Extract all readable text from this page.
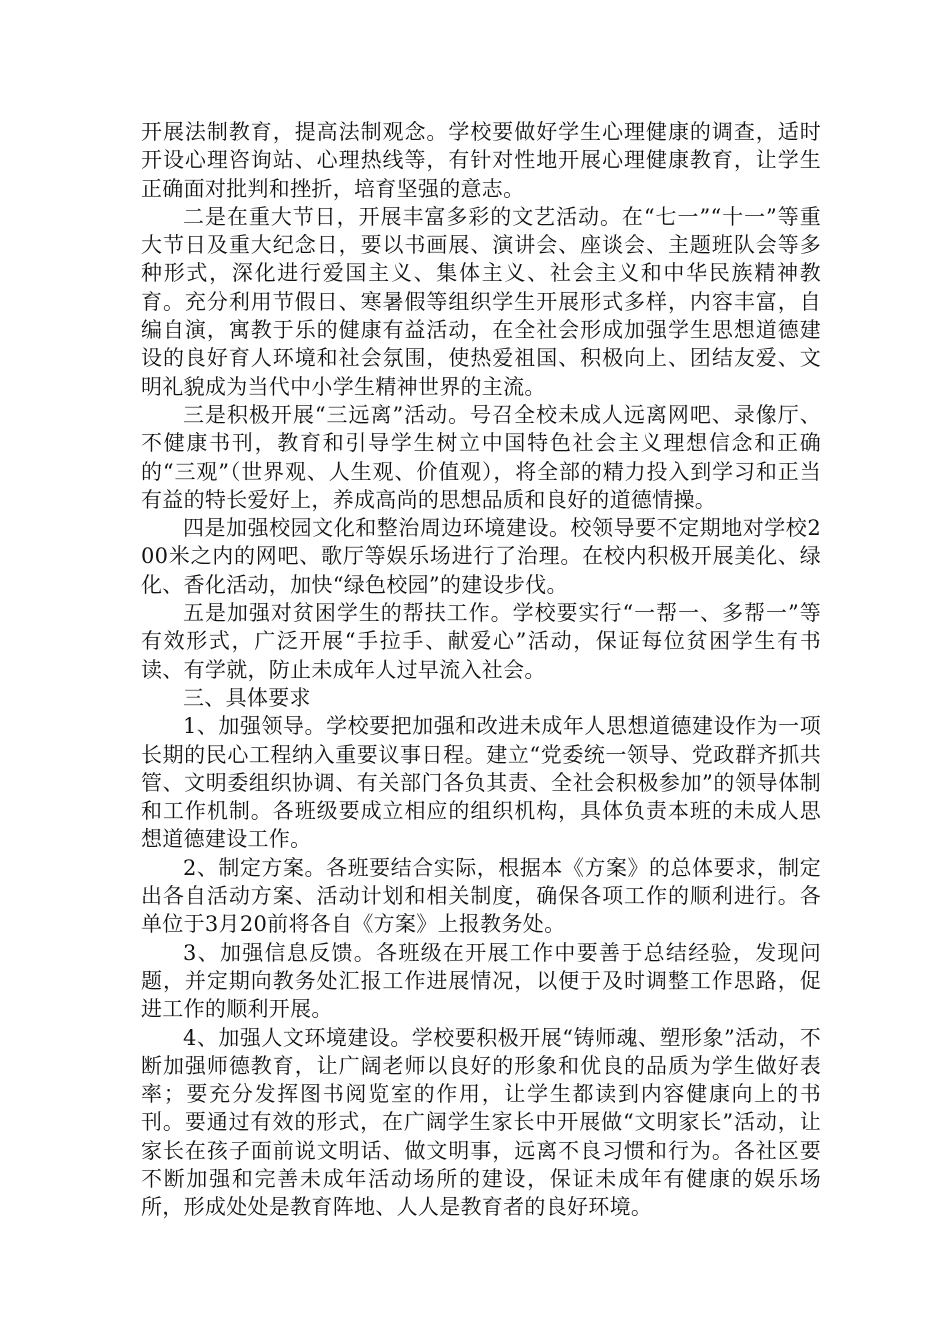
开展法制教育，提高法制观念。学校要做好学生心理健康的调查，适时开设心理咨询站、心理热线等，有针对性地开展心理健康教育，让学生正确面对批判和挫折，培育坚强的意志。

二是在重大节日，开展丰富多彩的文艺活动。在“七一”“十一”等重大节日及重大纪念日，要以书画展、演讲会、座谈会、主题班队会等多种形式，深化进行爱国主义、集体主义、社会主义和中华民族精神教育。充分利用节假日、寒暑假等组织学生开展形式多样，内容丰富，自编自演，寓教于乐的健康有益活动，在全社会形成加强学生思想道德建设的良好育人环境和社会氛围，使热爱祖国、积极向上、团结友爱、文明礼貌成为当代中小学生精神世界的主流。

三是积极开展“三远离”活动。号召全校未成人远离网吧、录像厅、不健康书刊，教育和引导学生树立中国特色社会主义理想信念和正确的“三观”（世界观、人生观、价值观），将全部的精力投入到学习和正当有益的特长爱好上，养成高尚的思想品质和良好的道德情操。

四是加强校园文化和整治周边环境建设。校领导要不定期地对学校200米之内的网吧、歌厅等娱乐场进行了治理。在校内积极开展美化、绿化、香化活动，加快“绿色校园”的建设步伐。

五是加强对贫困学生的帮扶工作。学校要实行“一帮一、多帮一”等有效形式，广泛开展“手拉手、献爱心”活动，保证每位贫困学生有书读、有学就，防止未成年人过早流入社会。

三、具体要求

1、加强领导。学校要把加强和改进未成年人思想道德建设作为一项长期的民心工程纳入重要议事日程。建立“党委统一领导、党政群齐抓共管、文明委组织协调、有关部门各负其责、全社会积极参加”的领导体制和工作机制。各班级要成立相应的组织机构，具体负责本班的未成人思想道德建设工作。

2、制定方案。各班要结合实际，根据本《方案》的总体要求，制定出各自活动方案、活动计划和相关制度，确保各项工作的顺利进行。各单位于3月20前将各自《方案》上报教务处。

3、加强信息反馈。各班级在开展工作中要善于总结经验，发现问题，并定期向教务处汇报工作进展情况，以便于及时调整工作思路，促进工作的顺利开展。

4、加强人文环境建设。学校要积极开展“铸师魂、塑形象”活动，不断加强师德教育，让广阔老师以良好的形象和优良的品质为学生做好表率；要充分发挥图书阅览室的作用，让学生都读到内容健康向上的书刊。要通过有效的形式，在广阔学生家长中开展做“文明家长”活动，让家长在孩子面前说文明话、做文明事，远离不良习惯和行为。各社区要不断加强和完善未成年活动场所的建设，保证未成年有健康的娱乐场所，形成处处是教育阵地、人人是教育者的良好环境。
